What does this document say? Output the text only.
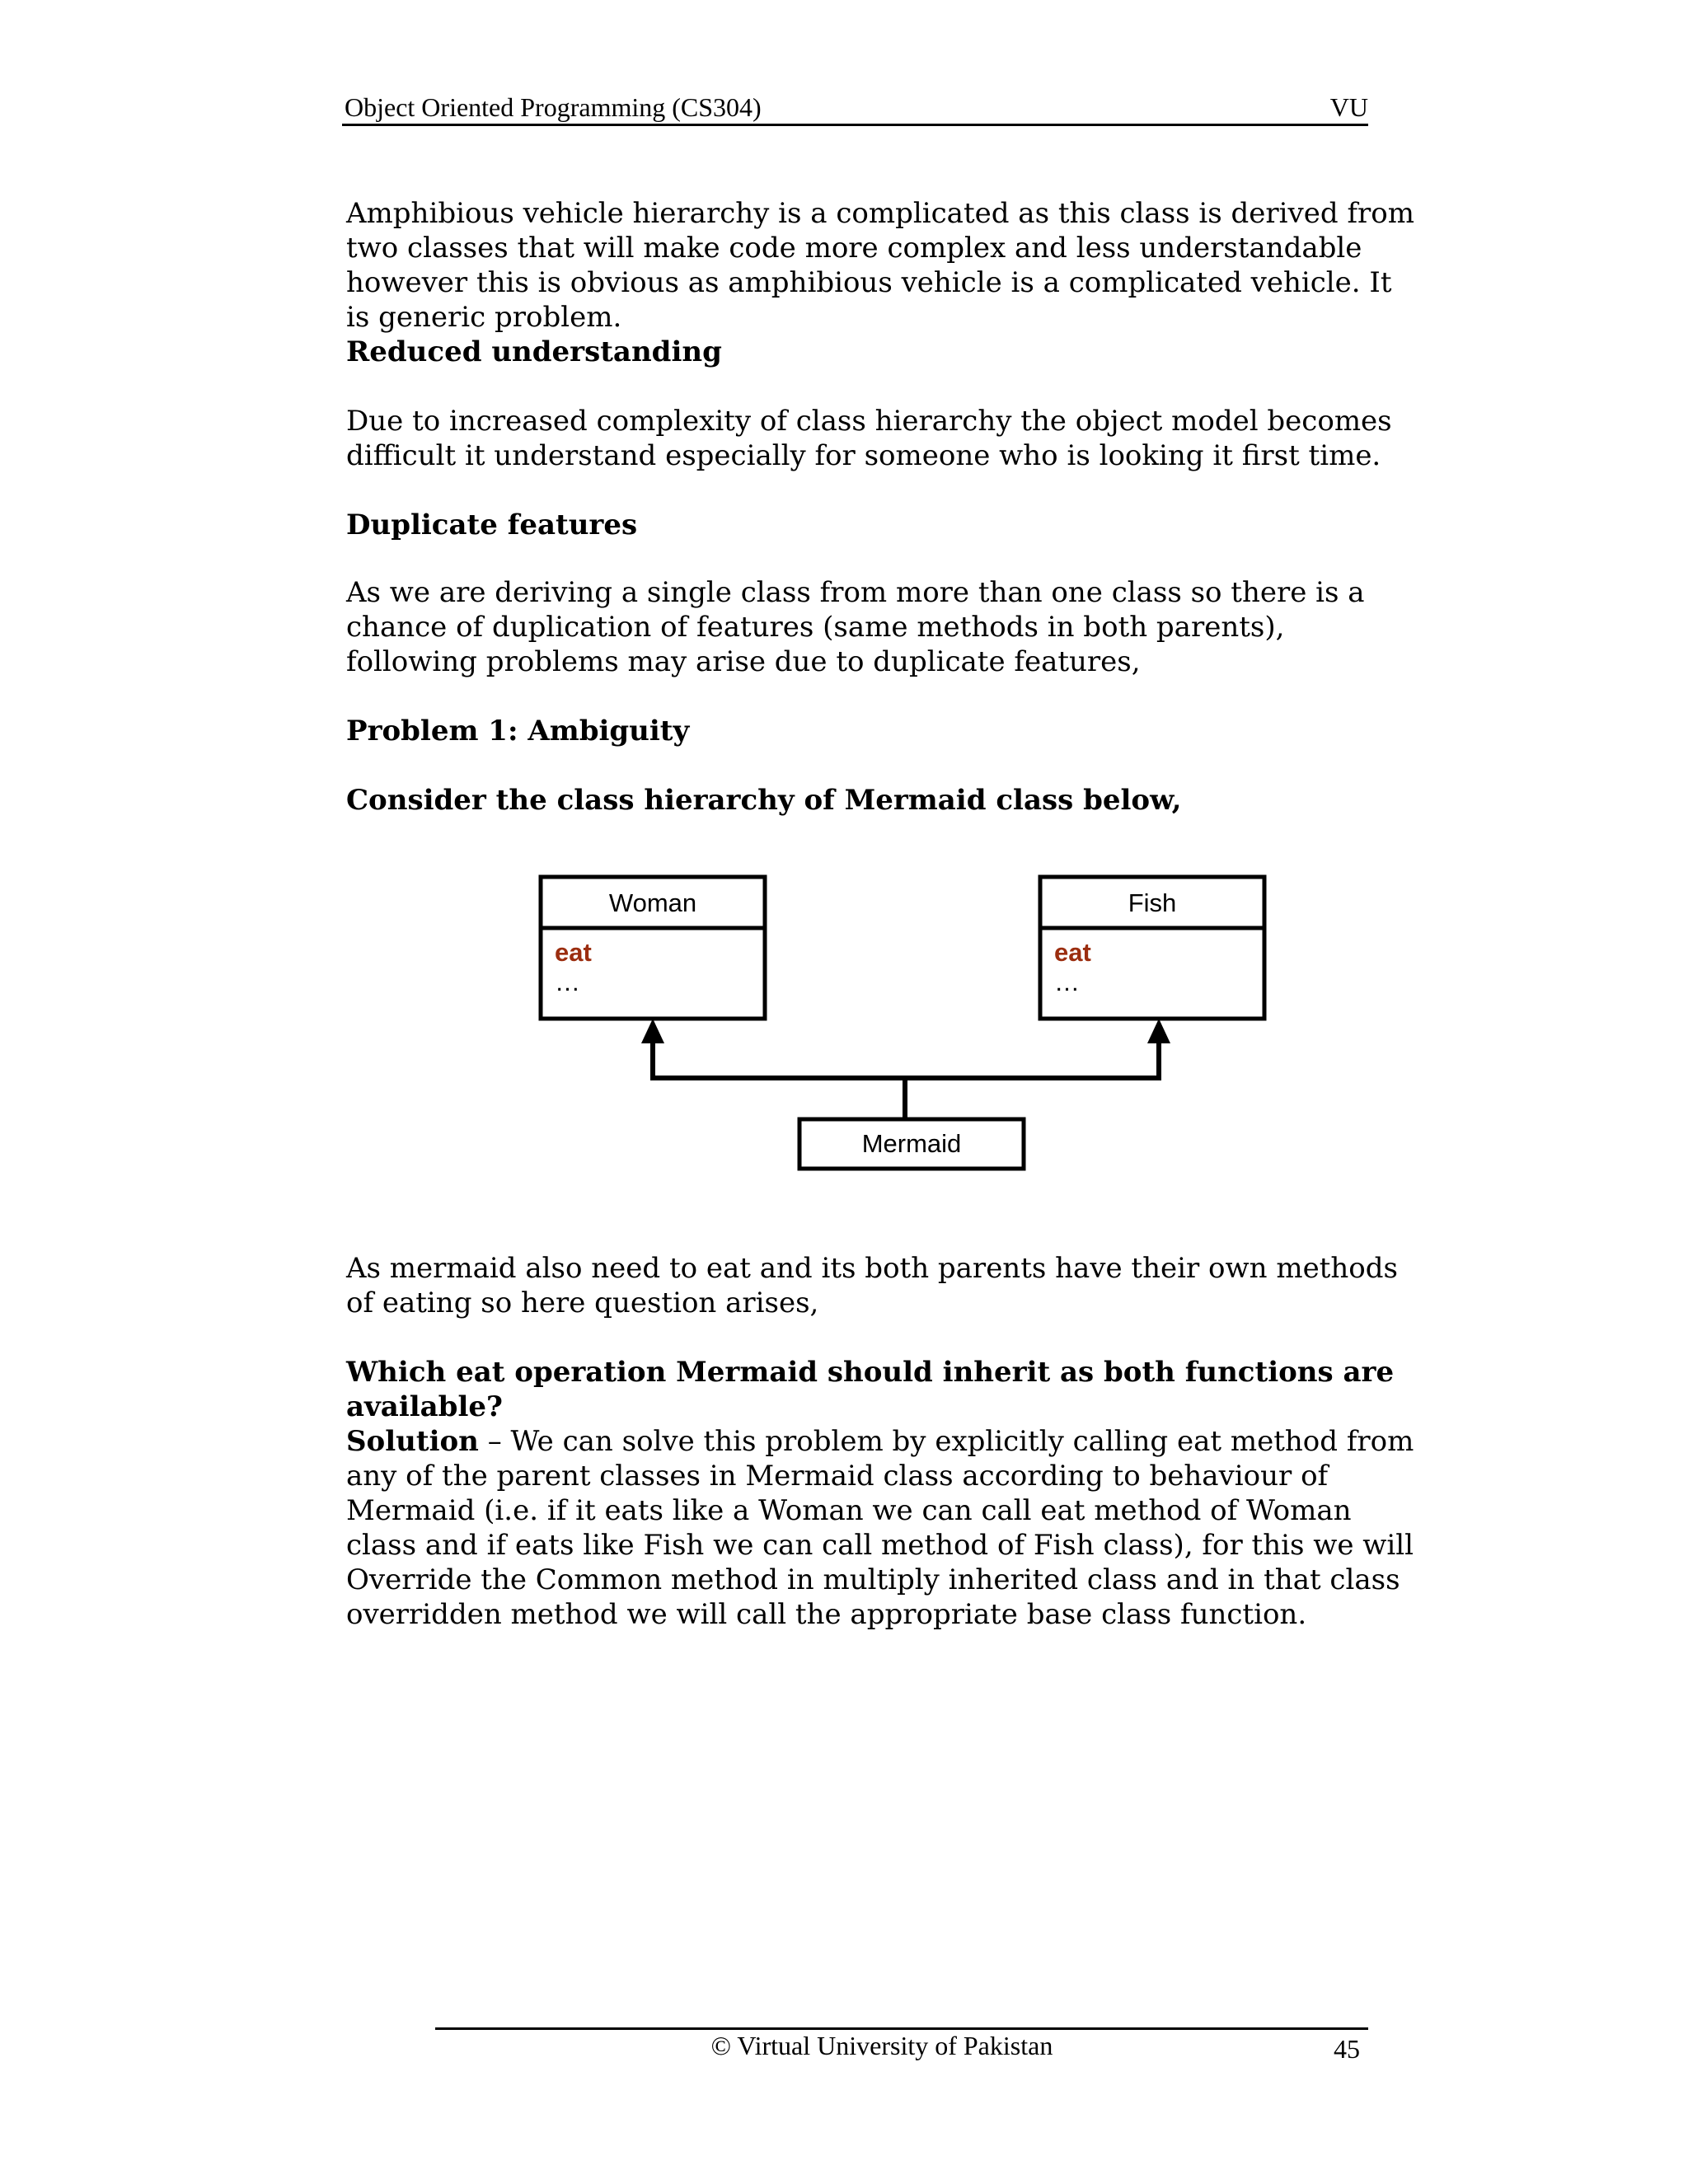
Object Oriented Programming (CS304)	VU

Amphibious vehicle hierarchy is a complicated as this class is derived from two classes that will make code more complex and less understandable however this is obvious as amphibious vehicle is a complicated vehicle. It is generic problem.

Reduced understanding

Due to increased complexity of class hierarchy the object model becomes difficult it understand especially for someone who is looking it first time.

Duplicate features

As we are deriving a single class from more than one class so there is a chance of duplication of features (same methods in both parents), following problems may arise due to duplicate features,

Problem 1: Ambiguity

Consider the class hierarchy of Mermaid class below,

Woman
eat
…
Fish
eat
…
Mermaid

As mermaid also need to eat and its both parents have their own methods of eating so here question arises,

Which eat operation Mermaid should inherit as both functions are available?

Solution – We can solve this problem by explicitly calling eat method from any of the parent classes in Mermaid class according to behaviour of Mermaid (i.e. if it eats like a Woman we can call eat method of Woman class and if eats like Fish we can call method of Fish class), for this we will Override the Common method in multiply inherited class and in that class overridden method we will call the appropriate base class function.

© Virtual University of Pakistan	45
